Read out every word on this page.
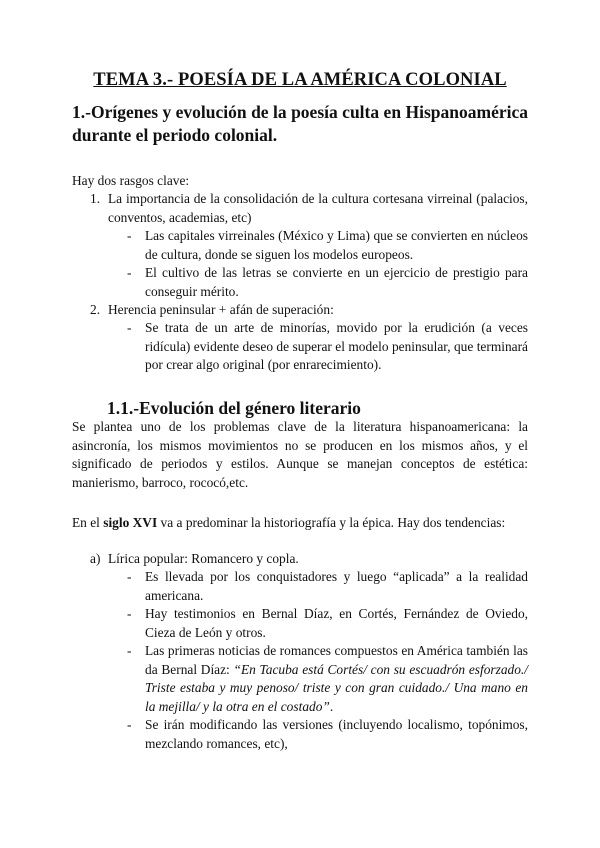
TEMA 3.- POESÍA DE LA AMÉRICA COLONIAL
1.-Orígenes y evolución de la poesía culta en Hispanoamérica durante el periodo colonial.
Hay dos rasgos clave:
1. La importancia de la consolidación de la cultura cortesana virreinal (palacios, conventos, academias, etc)
- Las capitales virreinales (México y Lima) que se convierten en núcleos de cultura, donde se siguen los modelos europeos.
- El cultivo de las letras se convierte en un ejercicio de prestigio para conseguir mérito.
2. Herencia peninsular + afán de superación:
- Se trata de un arte de minorías, movido por la erudición (a veces ridícula) evidente deseo de superar el modelo peninsular, que terminará por crear algo original (por enrarecimiento).
1.1.-Evolución del género literario
Se plantea uno de los problemas clave de la literatura hispanoamericana: la asincronía, los mismos movimientos no se producen en los mismos años, y el significado de periodos y estilos. Aunque se manejan conceptos de estética: manierismo, barroco, rococó,etc.
En el siglo XVI va a predominar la historiografía y la épica. Hay dos tendencias:
a) Lírica popular: Romancero y copla.
- Es llevada por los conquistadores y luego “aplicada” a la realidad americana.
- Hay testimonios en Bernal Díaz, en Cortés, Fernández de Oviedo, Cieza de León y otros.
- Las primeras noticias de romances compuestos en América también las da Bernal Díaz: “En Tacuba está Cortés/ con su escuadrón esforzado./ Triste estaba y muy penoso/ triste y con gran cuidado./ Una mano en la mejilla/ y la otra en el costado”.
- Se irán modificando las versiones (incluyendo localismo, topónimos, mezclando romances, etc),
